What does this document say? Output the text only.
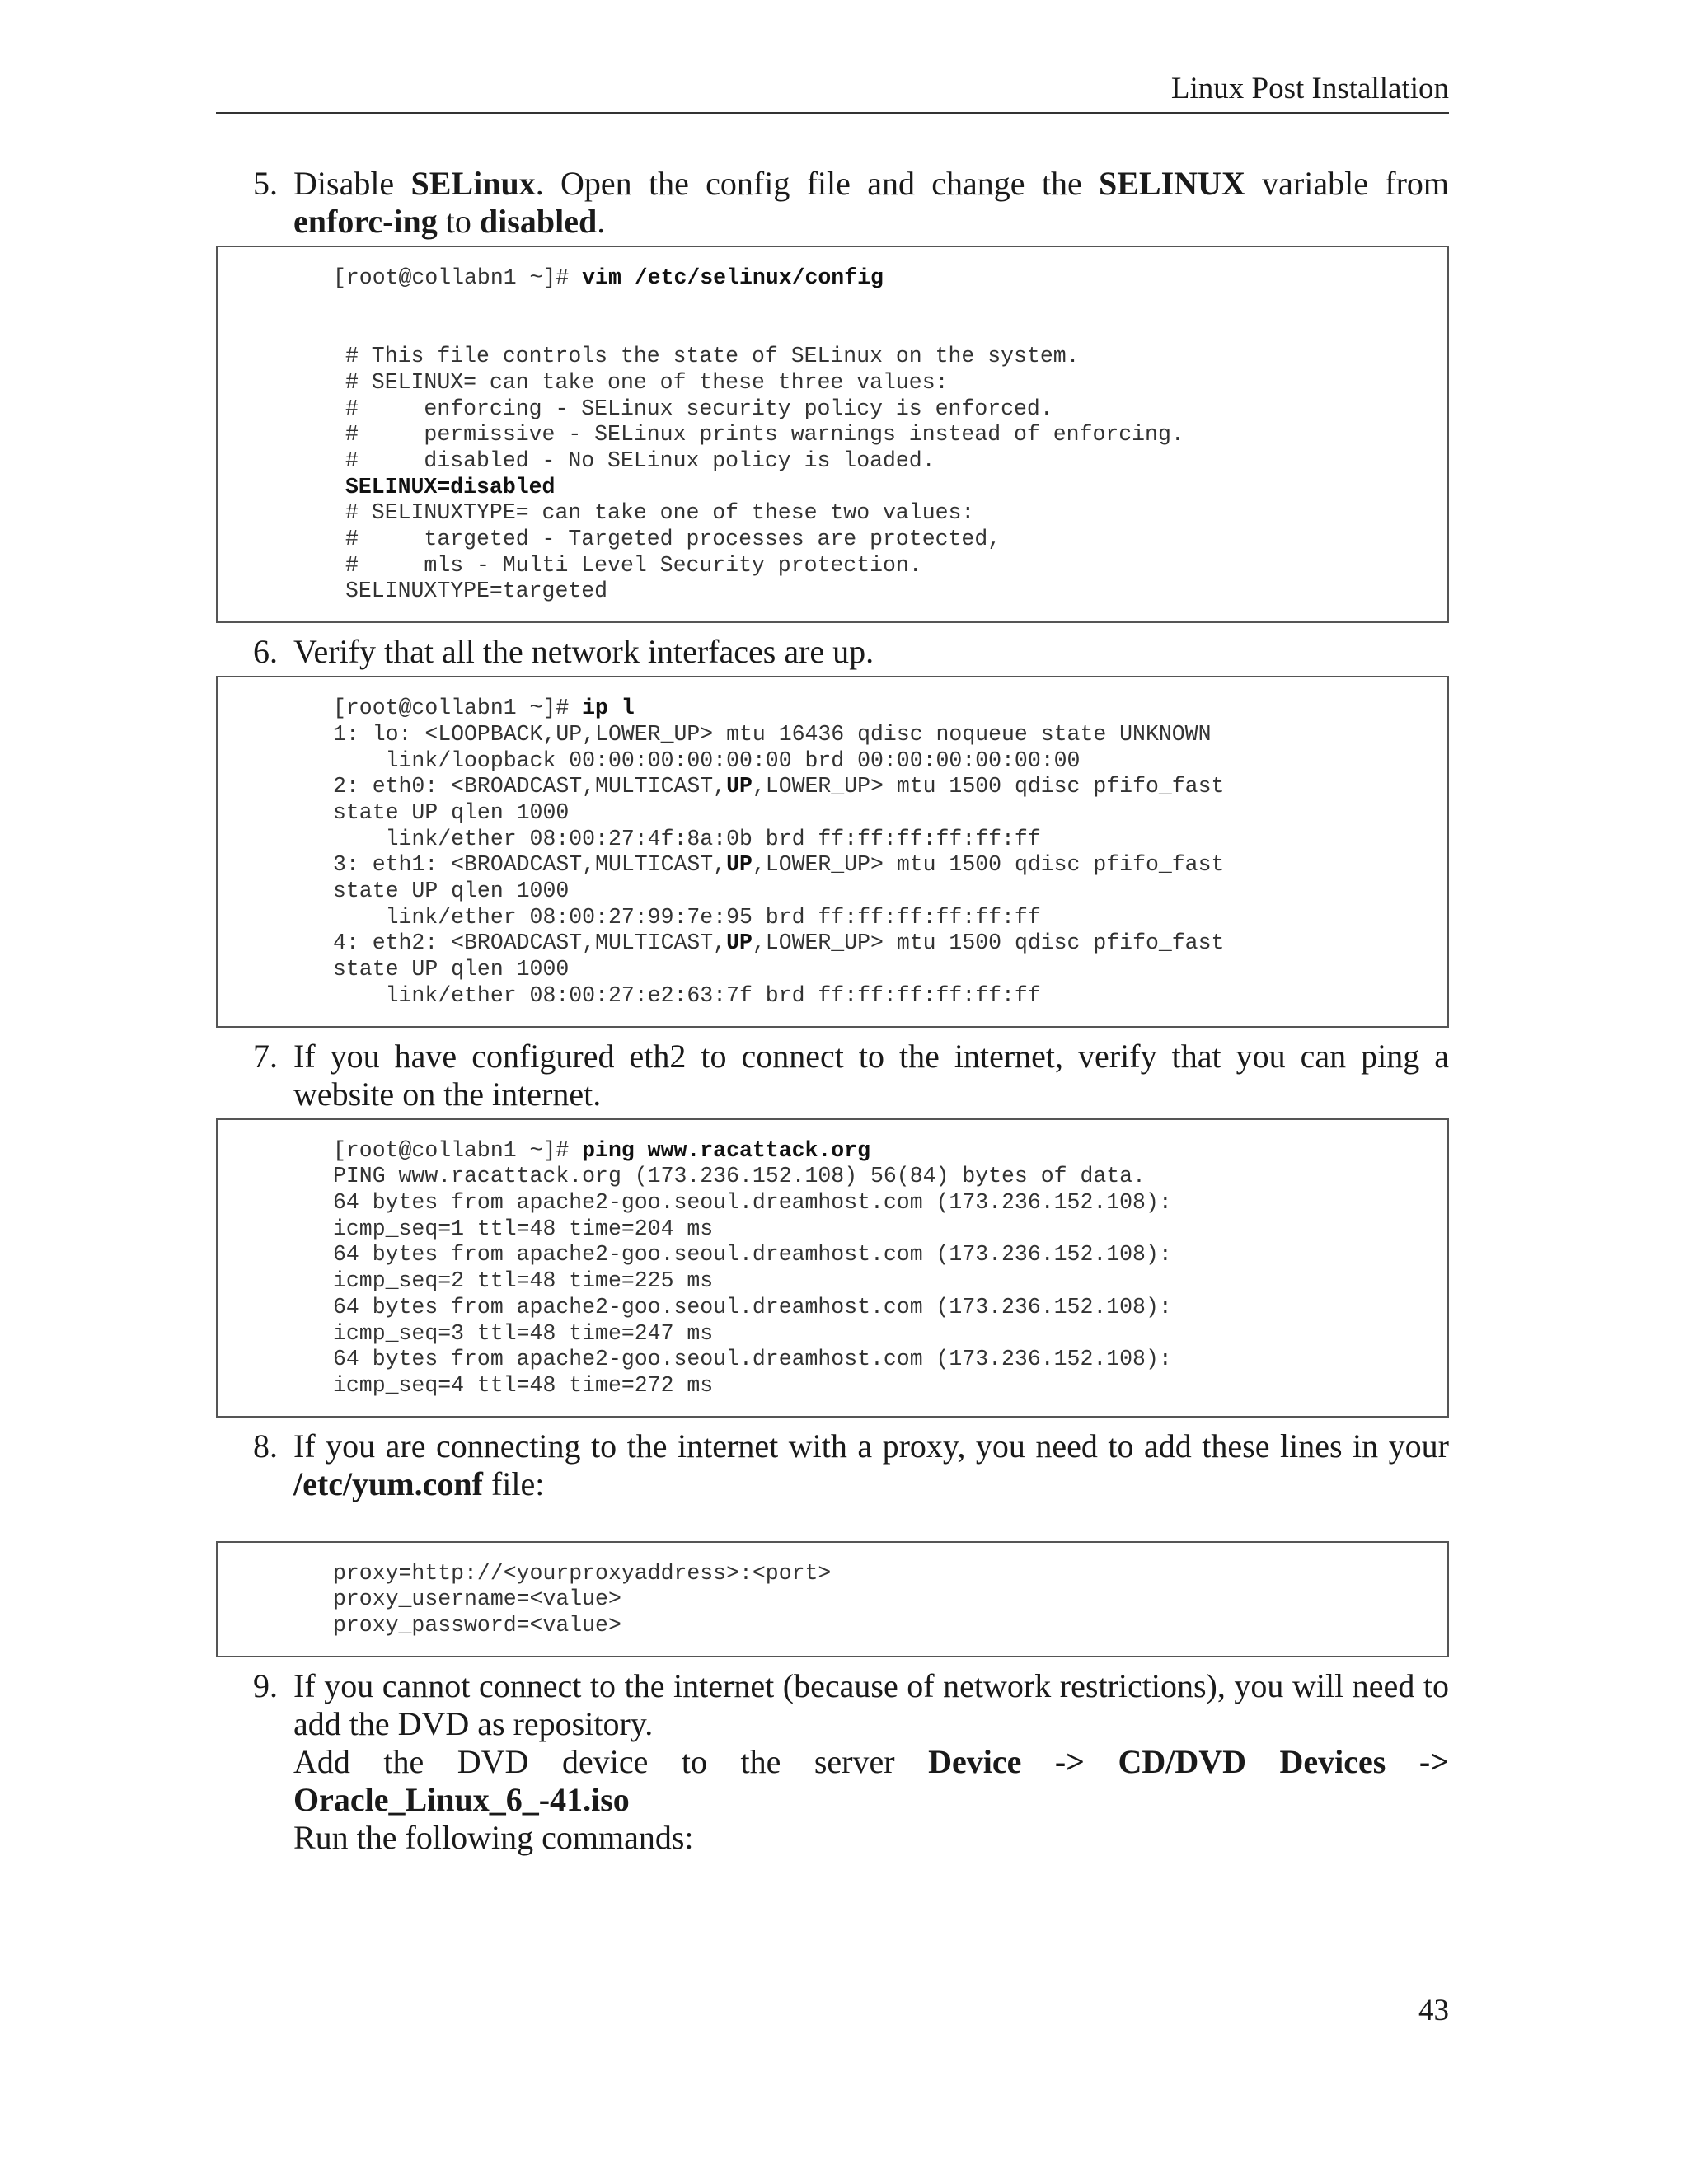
Linux Post Installation
5. Disable SELinux. Open the config file and change the SELINUX variable from enforc-ing to disabled.
[root@collabn1 ~]# vim /etc/selinux/config

# This file controls the state of SELinux on the system.
# SELINUX= can take one of these three values:
#     enforcing - SELinux security policy is enforced.
#     permissive - SELinux prints warnings instead of enforcing.
#     disabled - No SELinux policy is loaded.
SELINUX=disabled
# SELINUXTYPE= can take one of these two values:
#     targeted - Targeted processes are protected,
#     mls - Multi Level Security protection.
SELINUXTYPE=targeted
6. Verify that all the network interfaces are up.
[root@collabn1 ~]# ip l
1: lo: <LOOPBACK,UP,LOWER_UP> mtu 16436 qdisc noqueue state UNKNOWN
link/loopback 00:00:00:00:00:00 brd 00:00:00:00:00:00
2: eth0: <BROADCAST,MULTICAST,UP,LOWER_UP> mtu 1500 qdisc pfifo_fast
state UP qlen 1000
link/ether 08:00:27:4f:8a:0b brd ff:ff:ff:ff:ff:ff
3: eth1: <BROADCAST,MULTICAST,UP,LOWER_UP> mtu 1500 qdisc pfifo_fast
state UP qlen 1000
link/ether 08:00:27:99:7e:95 brd ff:ff:ff:ff:ff:ff
4: eth2: <BROADCAST,MULTICAST,UP,LOWER_UP> mtu 1500 qdisc pfifo_fast
state UP qlen 1000
link/ether 08:00:27:e2:63:7f brd ff:ff:ff:ff:ff:ff
7. If you have configured eth2 to connect to the internet, verify that you can ping a website on the internet.
[root@collabn1 ~]# ping www.racattack.org
PING www.racattack.org (173.236.152.108) 56(84) bytes of data.
64 bytes from apache2-goo.seoul.dreamhost.com (173.236.152.108):
icmp_seq=1 ttl=48 time=204 ms
64 bytes from apache2-goo.seoul.dreamhost.com (173.236.152.108):
icmp_seq=2 ttl=48 time=225 ms
64 bytes from apache2-goo.seoul.dreamhost.com (173.236.152.108):
icmp_seq=3 ttl=48 time=247 ms
64 bytes from apache2-goo.seoul.dreamhost.com (173.236.152.108):
icmp_seq=4 ttl=48 time=272 ms
8. If you are connecting to the internet with a proxy, you need to add these lines in your /etc/yum.conf file:
proxy=http://<yourproxyaddress>:<port>
proxy_username=<value>
proxy_password=<value>
9. If you cannot connect to the internet (because of network restrictions), you will need to add the DVD as repository.
Add the DVD device to the server Device -> CD/DVD Devices -> Oracle_Linux_6_-41.iso
Run the following commands:
43
